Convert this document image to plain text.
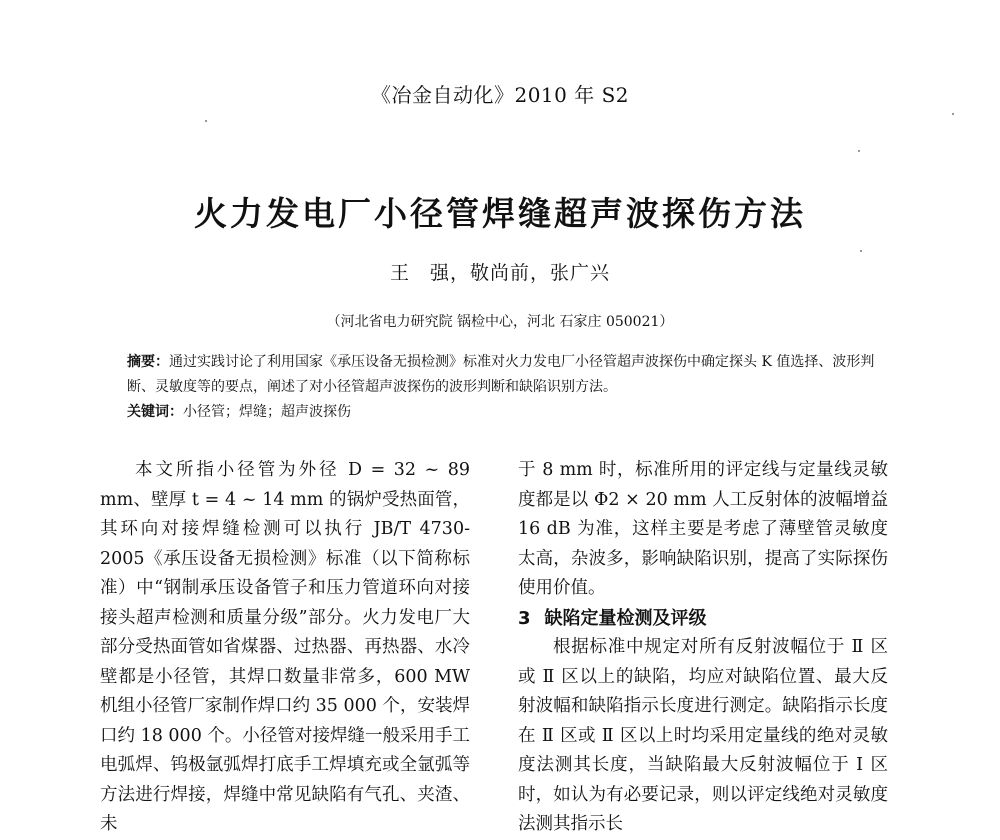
《冶金自动化》2010 年 S2
火力发电厂小径管焊缝超声波探伤方法
王　强，敬尚前，张广兴
（河北省电力研究院 锅检中心，河北 石家庄 050021）
摘要：通过实践讨论了利用国家《承压设备无损检测》标准对火力发电厂小径管超声波探伤中确定探头 K 值选择、波形判断、灵敏度等的要点，阐述了对小径管超声波探伤的波形判断和缺陷识别方法。
关键词：小径管；焊缝；超声波探伤

本文所指小径管为外径 D = 32 ~ 89 mm、壁厚 t = 4 ~ 14 mm 的锅炉受热面管，其环向对接焊缝检测可以执行 JB/T 4730-2005《承压设备无损检测》标准（以下简称标准）中“钢制承压设备管子和压力管道环向对接接头超声检测和质量分级”部分。火力发电厂大部分受热面管如省煤器、过热器、再热器、水冷壁都是小径管，其焊口数量非常多，600 MW 机组小径管厂家制作焊口约 35 000 个，安装焊口约 18 000 个。小径管对接焊缝一般采用手工电弧焊、钨极氩弧焊打底手工焊填充或全氩弧等方法进行焊接，焊缝中常见缺陷有气孔、夹渣、未

于 8 mm 时，标准所用的评定线与定量线灵敏度都是以 Φ2 × 20 mm 人工反射体的波幅增益 16 dB 为准，这样主要是考虑了薄壁管灵敏度太高，杂波多，影响缺陷识别，提高了实际探伤使用价值。

3 缺陷定量检测及评级

根据标准中规定对所有反射波幅位于 Ⅱ 区或 Ⅱ 区以上的缺陷，均应对缺陷位置、最大反射波幅和缺陷指示长度进行测定。缺陷指示长度在 Ⅱ 区或 Ⅱ 区以上时均采用定量线的绝对灵敏度法测其长度，当缺陷最大反射波幅位于 Ⅰ 区时，如认为有必要记录，则以评定线绝对灵敏度法测其指示长
